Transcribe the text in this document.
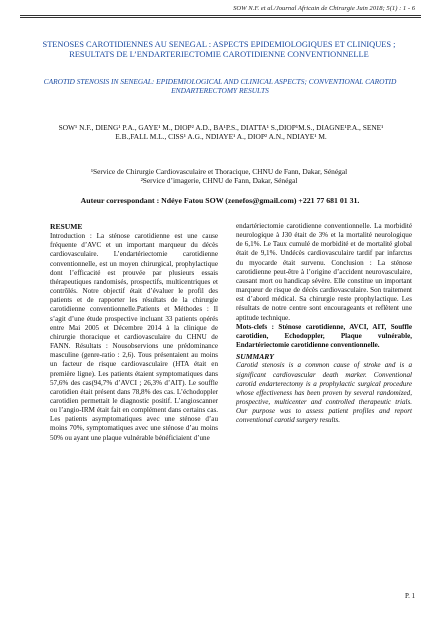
SOW N.F. et al./Journal Africain de Chirurgie Juin 2018; 5(1) : 1 - 6
STENOSES CAROTIDIENNES AU SENEGAL : ASPECTS EPIDEMIOLOGIQUES ET CLINIQUES ; RESULTATS DE L’ENDARTERIECTOMIE CAROTIDIENNE CONVENTIONNELLE
CAROTID STENOSIS IN SENEGAL: EPIDEMIOLOGICAL AND CLINICAL ASPECTS; CONVENTIONAL CAROTID ENDARTERECTOMY RESULTS
SOW¹ N.F., DIENG¹ P.A., GAYE¹ M., DIOP² A.D., BA¹P.S., DIATTA¹ S.,DIOP¹M.S., DIAGNE¹P.A., SENE¹ E.B.,FALL M.L., CISS¹ A.G., NDIAYE¹ A., DIOP² A.N., NDIAYE¹ M.
¹Service de Chirurgie Cardiovasculaire et Thoracique, CHNU de Fann, Dakar, Sénégal
²Service d’imagerie, CHNU de Fann, Dakar, Sénégal
Auteur correspondant : Ndéye Fatou SOW (zenefos@gmail.com) +221 77 681 01 31.
RESUME

Introduction : La sténose carotidienne est une cause fréquente d’AVC et un important marqueur du décès cardiovasculaire. L’endartériectomie carotidienne conventionnelle, est un moyen chirurgical, prophylactique dont l’efficacité est prouvée par plusieurs essais thérapeutiques randomisés, prospectifs, multicentriques et contrôlés. Notre objectif était d’évaluer le profil des patients et de rapporter les résultats de la chirurgie carotidienne conventionnelle.Patients et Méthodes : Il s’agit d’une étude prospective incluant 33 patients opérés entre Mai 2005 et Décembre 2014 à la clinique de chirurgie thoracique et cardiovasculaire du CHNU de FANN. Résultats : Nousobservions une prédominance masculine (genre-ratio : 2,6). Tous présentaient au moins un facteur de risque cardiovasculaire (HTA était en première ligne). Les patients étaient symptomatiques dans 57,6% des cas(94,7% d’AVCI ; 26,3% d’AIT). Le souffle carotidien était présent dans 78,8% des cas. L’échodoppler carotidien permettait le diagnostic positif. L’angioscanner ou l’angio-IRM était fait en complément dans certains cas. Les patients asymptomatiques avec une sténose d’au moins 70%, symptomatiques avec une sténose d’au moins 50% ou ayant une plaque vulnérable bénéficiaient d’une

endartériectomie carotidienne conventionnelle. La morbidité neurologique à J30 était de 3% et la mortalité neurologique de 6,1%. Le Taux cumulé de morbidité et de mortalité global était de 9,1%. Undécès cardiovasculaire tardif par infarctus du myocarde était survenu. Conclusion : La sténose carotidienne peut-être à l’origine d’accident neurovasculaire, causant mort ou handicap sévère. Elle constitue un important marqueur de risque de décès cardiovasculaire. Son traitement est d’abord médical. Sa chirurgie reste prophylactique. Les résultats de notre centre sont encourageants et reflètent une aptitude technique.

Mots-clefs : Sténose carotidienne, AVCI, AIT, Souffle carotidien, Echodoppler, Plaque vulnérable, Endartériectomie carotidienne conventionnelle.

SUMMARY

Carotid stenosis is a common cause of stroke and is a significant cardiovascular death marker. Conventional carotid endarterectomy is a prophylactic surgical procedure whose effectiveness has been proven by several randomized, prospective, multicenter and controlled therapeutic trials. Our purpose was to assess patient profiles and report conventional carotid surgery results.

P. 1
